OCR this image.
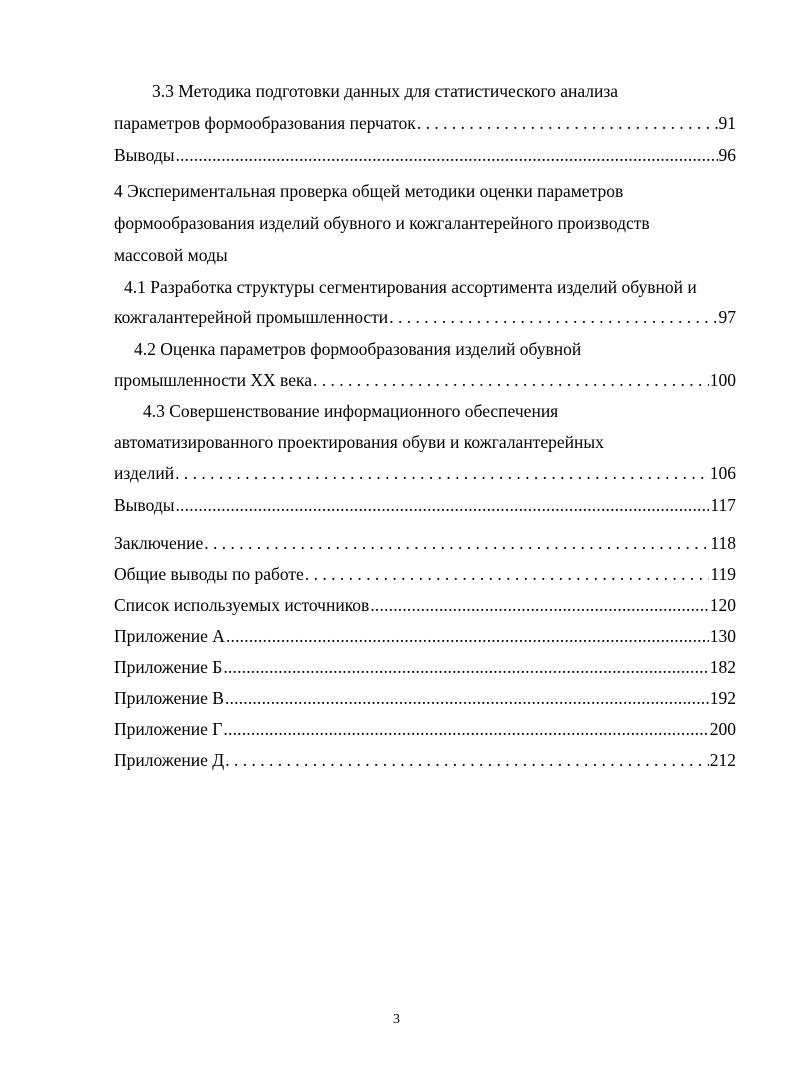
3.3 Методика подготовки данных для статистического анализа
параметров формообразования перчаток . . .	91
Выводы .....	96
4 Экспериментальная проверка общей методики оценки параметров
формообразования изделий обувного и кожгалантерейного производств
массовой моды
4.1 Разработка структуры сегментирования ассортимента изделий обувной и
кожгалантерейной промышленности . . .	97
4.2 Оценка параметров формообразования изделий обувной
промышленности XX века . . .	100
4.3 Совершенствование информационного обеспечения
автоматизированного проектирования обуви и кожгалантерейных
изделий . . .	106
Выводы .....	117
Заключение . . .	118
Общие выводы по работе . . .	119
Список используемых источников .....	120
Приложение А .....	130
Приложение Б .....	182
Приложение В .....	192
Приложение Г .....	200
Приложение Д . . .	212
3
